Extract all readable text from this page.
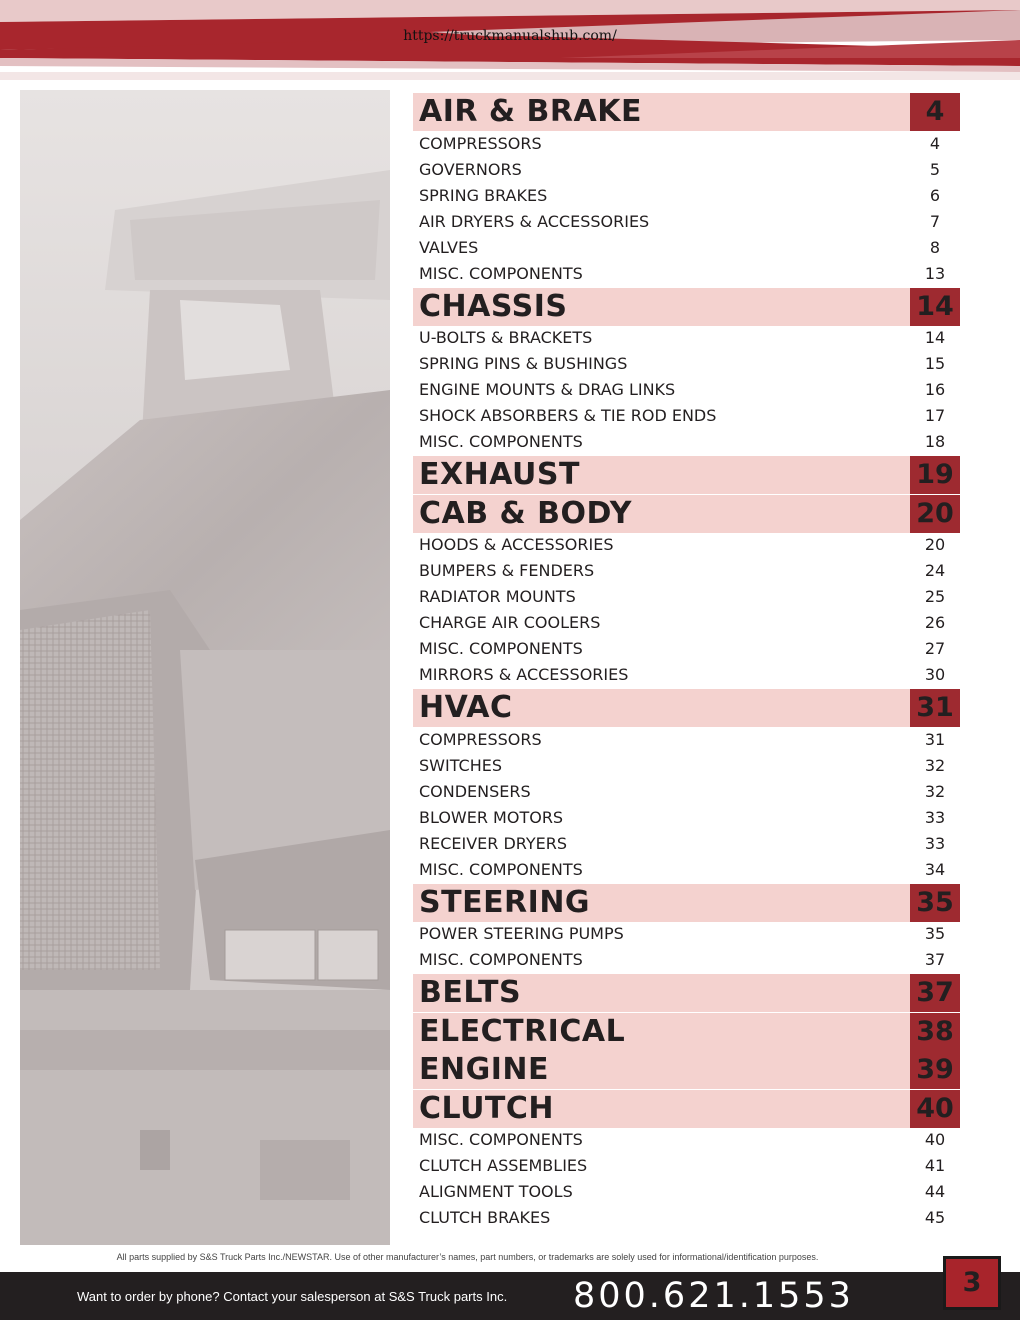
https://truckmanualshub.com/
AIR & BRAKE	4
COMPRESSORS	4
GOVERNORS	5
SPRING BRAKES	6
AIR DRYERS & ACCESSORIES	7
VALVES	8
MISC. COMPONENTS	13
CHASSIS	14
U-BOLTS & BRACKETS	14
SPRING PINS & BUSHINGS	15
ENGINE MOUNTS & DRAG LINKS	16
SHOCK ABSORBERS & TIE ROD ENDS	17
MISC. COMPONENTS	18
EXHAUST	19
CAB & BODY	20
HOODS & ACCESSORIES	20
BUMPERS & FENDERS	24
RADIATOR MOUNTS	25
CHARGE AIR COOLERS	26
MISC. COMPONENTS	27
MIRRORS & ACCESSORIES	30
HVAC	31
COMPRESSORS	31
SWITCHES	32
CONDENSERS	32
BLOWER MOTORS	33
RECEIVER DRYERS	33
MISC. COMPONENTS	34
STEERING	35
POWER STEERING PUMPS	35
MISC. COMPONENTS	37
BELTS	37
ELECTRICAL	38
ENGINE	39
CLUTCH	40
MISC. COMPONENTS	40
CLUTCH ASSEMBLIES	41
ALIGNMENT TOOLS	44
CLUTCH BRAKES	45
All parts supplied by S&S Truck Parts Inc./NEWSTAR. Use of other manufacturer’s names, part numbers, or trademarks are solely used for informational/identification purposes.
Want to order by phone? Contact your salesperson at S&S Truck parts Inc. 800.621.1553	3
